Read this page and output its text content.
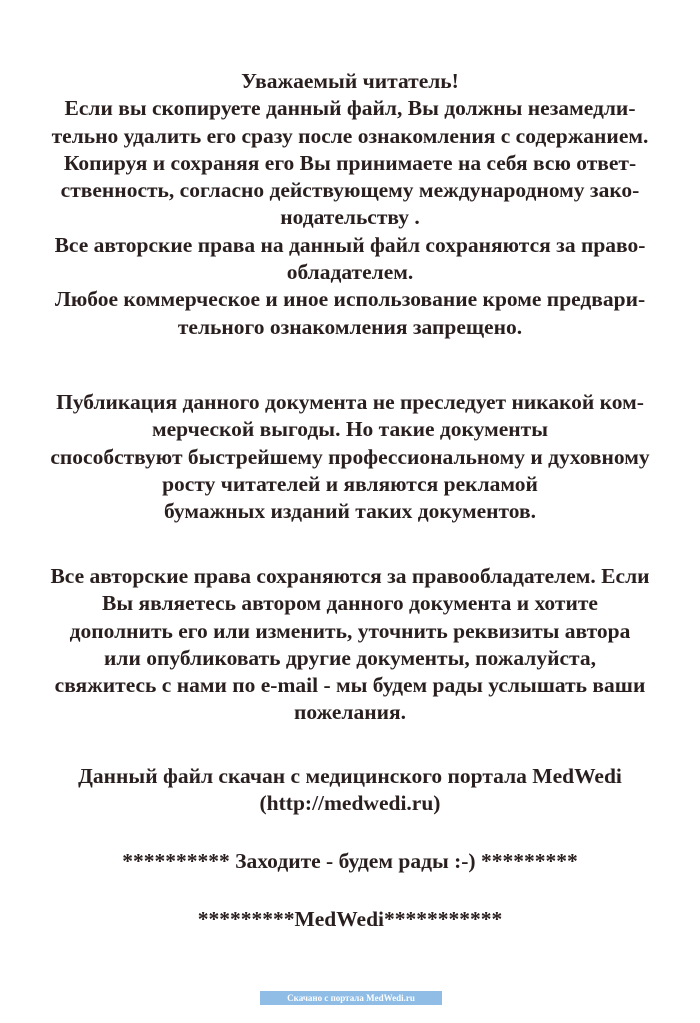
Уважаемый читатель!
Если вы скопируете данный файл, Вы должны незамедли-
тельно удалить его сразу после ознакомления с содержанием.
Копируя и сохраняя его Вы принимаете на себя всю ответ-
ственность, согласно действующему международному зако-
нодательству .
Все авторские права на данный файл сохраняются за право-
обладателем.
Любое коммерческое и иное использование кроме предвари-
тельного ознакомления запрещено.
Публикация данного документа не преследует никакой ком-
мерческой выгоды. Но такие документы
способствуют быстрейшему профессиональному и духовному
росту читателей и являются рекламой
бумажных изданий таких документов.
Все авторские права сохраняются за правообладателем. Если
Вы являетесь автором данного документа и хотите
дополнить его или изменить, уточнить реквизиты автора
или опубликовать другие документы, пожалуйста,
свяжитесь с нами по e-mail - мы будем рады услышать ваши
пожелания.
Данный файл скачан с медицинского портала MedWedi
(http://medwedi.ru)
********** Заходите - будем рады :-) *********
*********MedWedi***********
Скачано с портала MedWedi.ru
